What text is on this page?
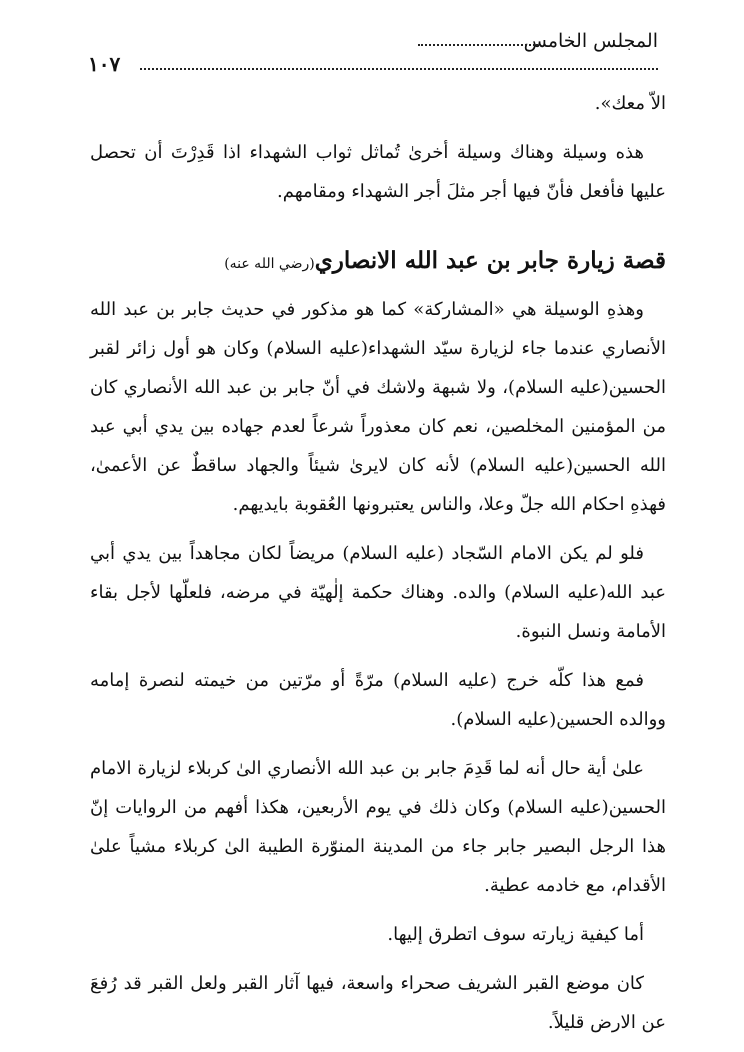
المجلس الخامس
١٠٧

الاّ معك».

هذه وسيلة وهناك وسيلة أخرىٰ تُماثل ثواب الشهداء اذا قَدِرْتَ أن تحصل عليها فأفعل فأنّ فيها أجر مثلَ أجر الشهداء ومقامهم.

قصة زيارة جابر بن عبد الله الانصاري(رضي الله عنه)

وهذهِ الوسيلة هي «المشاركة» كما هو مذكور في حديث جابر بن عبد الله الأنصاري عندما جاء لزيارة سيّد الشهداء(عليه السلام) وكان هو أول زائر لقبر الحسين(عليه السلام)، ولا شبهة ولاشك في أنّ جابر بن عبد الله الأنصاري كان من المؤمنين المخلصين، نعم كان معذوراً شرعاً لعدم جهاده بين يدي أبي عبد الله الحسين(عليه السلام) لأنه كان لايرىٰ شيئاً والجهاد ساقطٌ عن الأعمىٰ، فهذهِ احكام الله جلّ وعلا، والناس يعتبرونها العُقوبة بايديهم.

فلو لم يكن الامام السّجاد (عليه السلام) مريضاً لكان مجاهداً بين يدي أبي عبد الله(عليه السلام) والده. وهناك حكمة إلٰهيّة في مرضه، فلعلّها لأجل بقاء الأمامة ونسل النبوة.

فمع هذا كلّه خرج (عليه السلام) مرّةً أو مرّتين من خيمته لنصرة إمامه ووالده الحسين(عليه السلام).

علىٰ أية حال أنه لما قَدِمَ جابر بن عبد الله الأنصاري الىٰ كربلاء لزيارة الامام الحسين(عليه السلام) وكان ذلك في يوم الأربعين، هكذا أفهم من الروايات إنّ هذا الرجل البصير جابر جاء من المدينة المنوّرة الطيبة الىٰ كربلاء مشياً علىٰ الأقدام، مع خادمه عطية.

أما كيفية زيارته سوف اتطرق إليها.

كان موضع القبر الشريف صحراء واسعة، فيها آثار القبر ولعل القبر قد رُفعَ عن الارض قليلاً.
